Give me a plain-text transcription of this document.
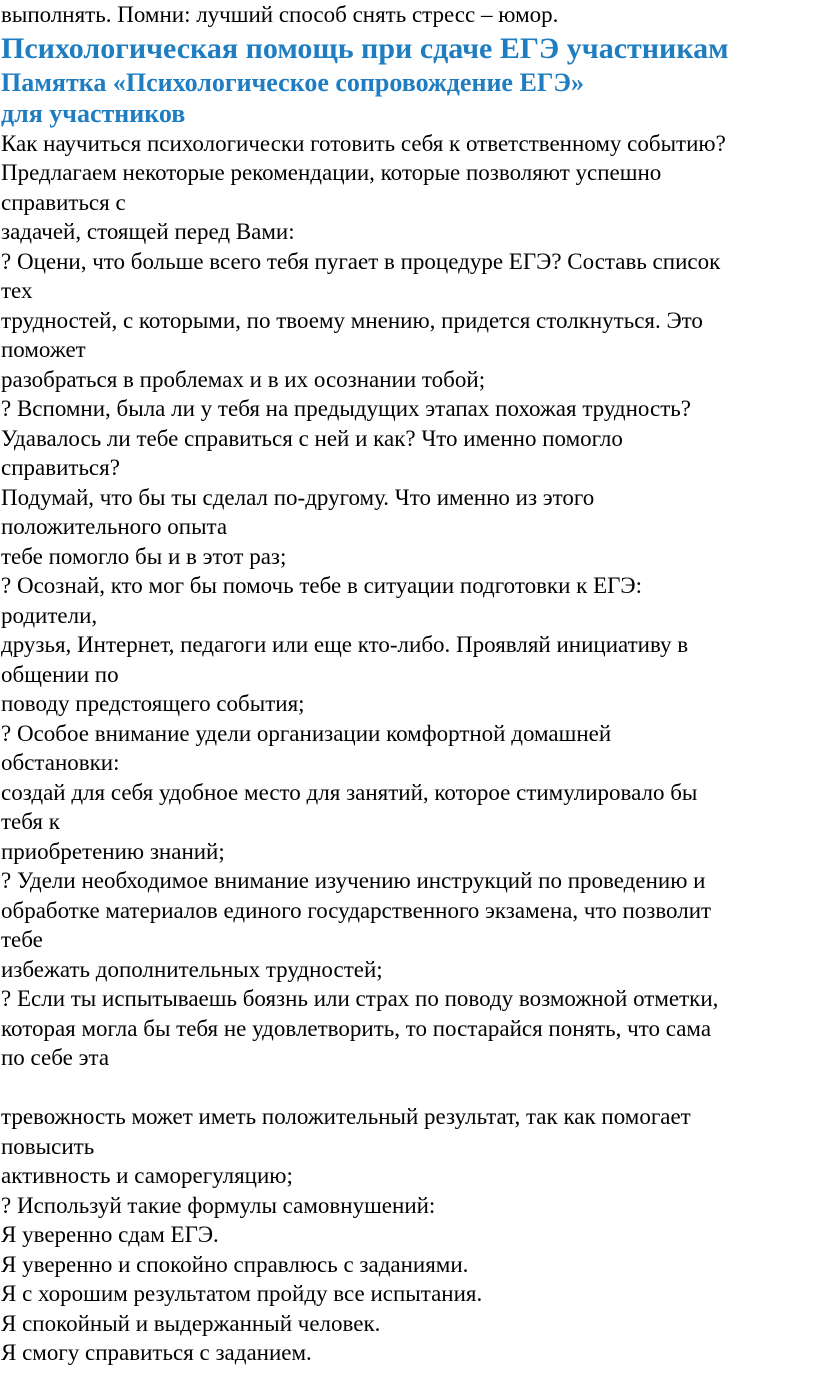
выполнять. Помни: лучший способ снять стресс – юмор.
Психологическая помощь при сдаче ЕГЭ участникам
Памятка «Психологическое сопровождение ЕГЭ»
для участников
Как научиться психологически готовить себя к ответственному событию?
Предлагаем некоторые рекомендации, которые позволяют успешно
справиться с
задачей, стоящей перед Вами:
? Оцени, что больше всего тебя пугает в процедуре ЕГЭ? Составь список
тех
трудностей, с которыми, по твоему мнению, придется столкнуться. Это
поможет
разобраться в проблемах и в их осознании тобой;
? Вспомни, была ли у тебя на предыдущих этапах похожая трудность?
Удавалось ли тебе справиться с ней и как? Что именно помогло
справиться?
Подумай, что бы ты сделал по-другому. Что именно из этого
положительного опыта
тебе помогло бы и в этот раз;
? Осознай, кто мог бы помочь тебе в ситуации подготовки к ЕГЭ:
родители,
друзья, Интернет, педагоги или еще кто-либо. Проявляй инициативу в
общении по
поводу предстоящего события;
? Особое внимание удели организации комфортной домашней
обстановки:
создай для себя удобное место для занятий, которое стимулировало бы
тебя к
приобретению знаний;
? Удели необходимое внимание изучению инструкций по проведению и
обработке материалов единого государственного экзамена, что позволит
тебе
избежать дополнительных трудностей;
? Если ты испытываешь боязнь или страх по поводу возможной отметки,
которая могла бы тебя не удовлетворить, то постарайся понять, что сама
по себе эта
тревожность может иметь положительный результат, так как помогает
повысить
активность и саморегуляцию;
? Используй такие формулы самовнушений:
Я уверенно сдам ЕГЭ.
Я уверенно и спокойно справлюсь с заданиями.
Я с хорошим результатом пройду все испытания.
Я спокойный и выдержанный человек.
Я смогу справиться с заданием.
